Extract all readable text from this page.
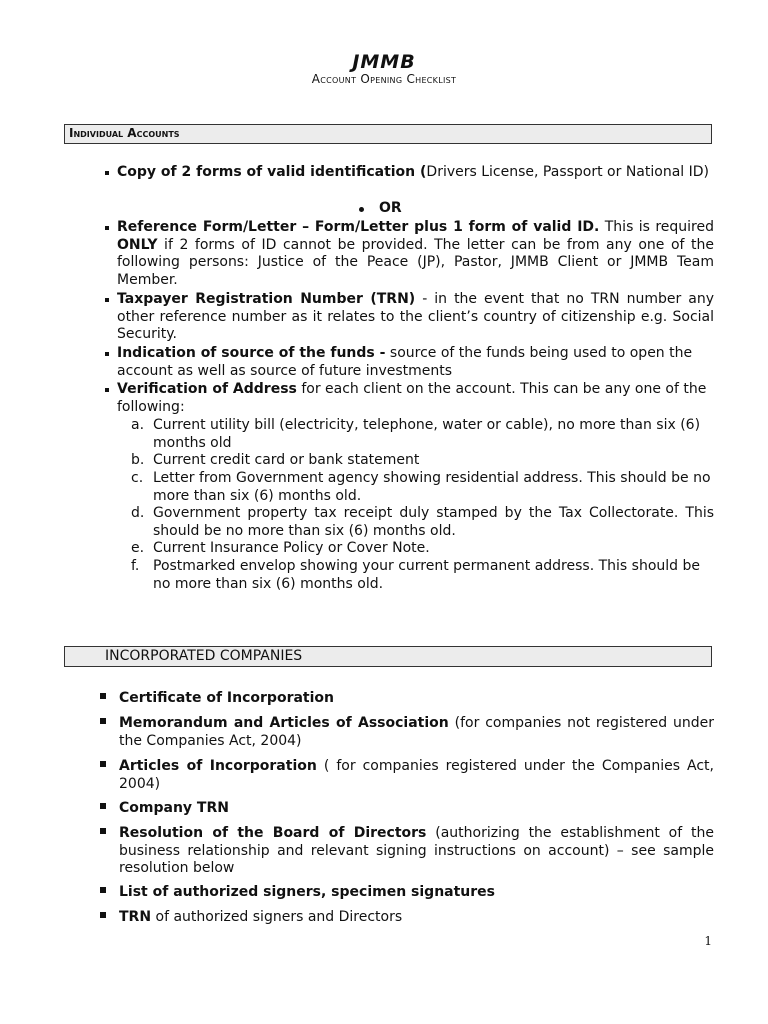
JMMB
Account Opening Checklist
Individual Accounts
Copy of 2 forms of valid identification (Drivers License, Passport or National ID)
OR
Reference Form/Letter – Form/Letter plus 1 form of valid ID. This is required ONLY if 2 forms of ID cannot be provided. The letter can be from any one of the following persons: Justice of the Peace (JP), Pastor, JMMB Client or JMMB Team Member.
Taxpayer Registration Number (TRN) - in the event that no TRN number any other reference number as it relates to the client’s country of citizenship e.g. Social Security.
Indication of source of the funds - source of the funds being used to open the account as well as source of future investments
Verification of Address for each client on the account. This can be any one of the following:
a. Current utility bill (electricity, telephone, water or cable), no more than six (6) months old
b. Current credit card or bank statement
c. Letter from Government agency showing residential address. This should be no more than six (6) months old.
d. Government property tax receipt duly stamped by the Tax Collectorate. This should be no more than six (6) months old.
e. Current Insurance Policy or Cover Note.
f. Postmarked envelop showing your current permanent address. This should be no more than six (6) months old.
INCORPORATED COMPANIES
Certificate of Incorporation
Memorandum and Articles of Association (for companies not registered under the Companies Act, 2004)
Articles of Incorporation ( for companies registered under the Companies Act, 2004)
Company TRN
Resolution of the Board of Directors (authorizing the establishment of the business relationship and relevant signing instructions on account) – see sample resolution below
List of authorized signers, specimen signatures
TRN of authorized signers and Directors
1
